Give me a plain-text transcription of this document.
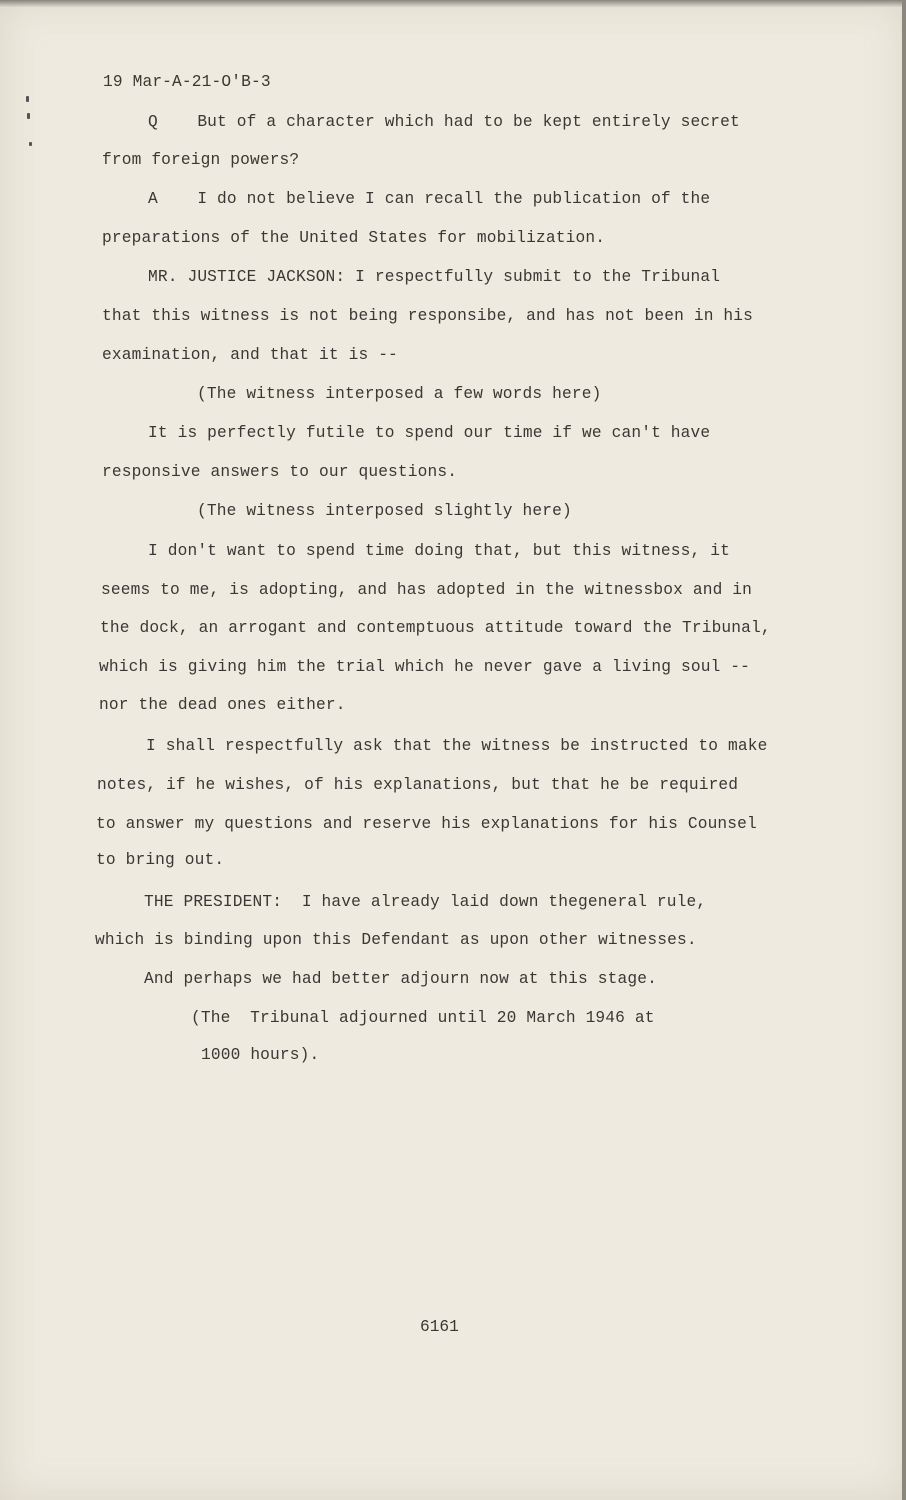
19 Mar-A-21-O'B-3
Q    But of a character which had to be kept entirely secret
from foreign powers?
A    I do not believe I can recall the publication of the
preparations of the United States for mobilization.
MR. JUSTICE JACKSON: I respectfully submit to the Tribunal
that this witness is not being responsibe, and has not been in his
examination, and that it is --
(The witness interposed a few words here)
It is perfectly futile to spend our time if we can't have
responsive answers to our questions.
(The witness interposed slightly here)
I don't want to spend time doing that, but this witness, it
seems to me, is adopting, and has adopted in the witnessbox and in
the dock, an arrogant and contemptuous attitude toward the Tribunal,
which is giving him the trial which he never gave a living soul --
nor the dead ones either.
I shall respectfully ask that the witness be instructed to make
notes, if he wishes, of his explanations, but that he be required
to answer my questions and reserve his explanations for his Counsel
to bring out.
THE PRESIDENT:  I have already laid down thegeneral rule,
which is binding upon this Defendant as upon other witnesses.
And perhaps we had better adjourn now at this stage.
(The  Tribunal adjourned until 20 March 1946 at
1000 hours).
6161
